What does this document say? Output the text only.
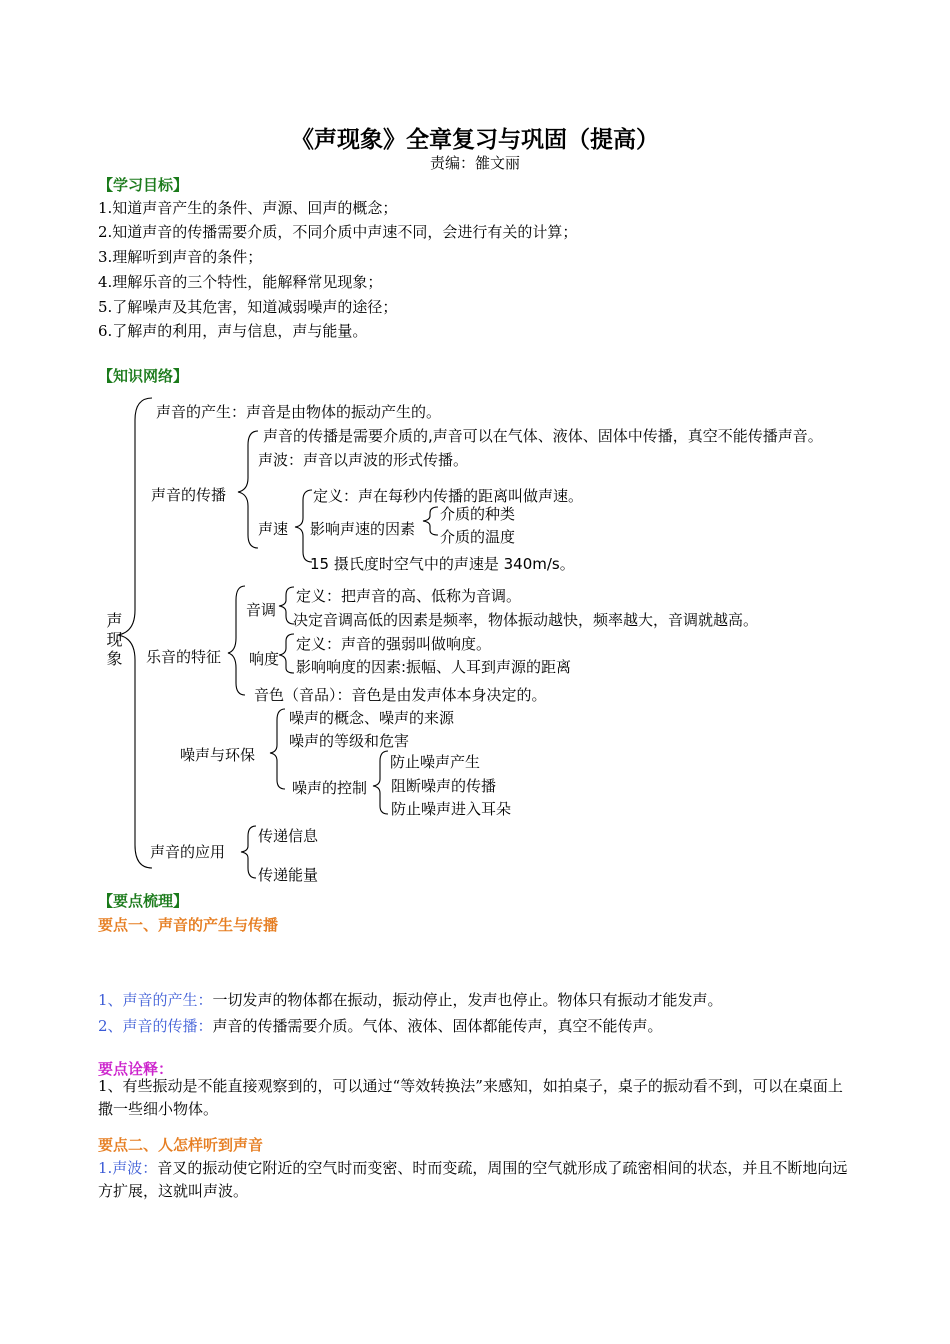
《声现象》全章复习与巩固（提高）
责编：雒文丽
【学习目标】
1.知道声音产生的条件、声源、回声的概念；
2.知道声音的传播需要介质，不同介质中声速不同，会进行有关的计算；
3.理解听到声音的条件；
4.理解乐音的三个特性，能解释常见现象；
5.了解噪声及其危害，知道减弱噪声的途径；
6.了解声的利用，声与信息，声与能量。
【知识网络】
声现象
声音的产生：声音是由物体的振动产生的。
声音的传播
声音的传播是需要介质的,声音可以在气体、液体、固体中传播，真空不能传播声音。
声波：声音以声波的形式传播。
声速
定义：声在每秒内传播的距离叫做声速。
影响声速的因素
介质的种类
介质的温度
15 摄氏度时空气中的声速是 340m/s。
乐音的特征
音调
定义：把声音的高、低称为音调。
决定音调高低的因素是频率，物体振动越快，频率越大，音调就越高。
响度
定义：声音的强弱叫做响度。
影响响度的因素:振幅、人耳到声源的距离
音色（音品）：音色是由发声体本身决定的。
噪声与环保
噪声的概念、噪声的来源
噪声的等级和危害
噪声的控制
防止噪声产生
阻断噪声的传播
防止噪声进入耳朵
声音的应用
传递信息
传递能量
【要点梳理】
要点一、声音的产生与传播
1、声音的产生：一切发声的物体都在振动，振动停止，发声也停止。物体只有振动才能发声。
2、声音的传播：声音的传播需要介质。气体、液体、固体都能传声，真空不能传声。
要点诠释：
1、有些振动是不能直接观察到的，可以通过“等效转换法”来感知，如拍桌子，桌子的振动看不到，可以在桌面上撒一些细小物体。
要点二、人怎样听到声音
1.声波：音叉的振动使它附近的空气时而变密、时而变疏，周围的空气就形成了疏密相间的状态，并且不断地向远方扩展，这就叫声波。
